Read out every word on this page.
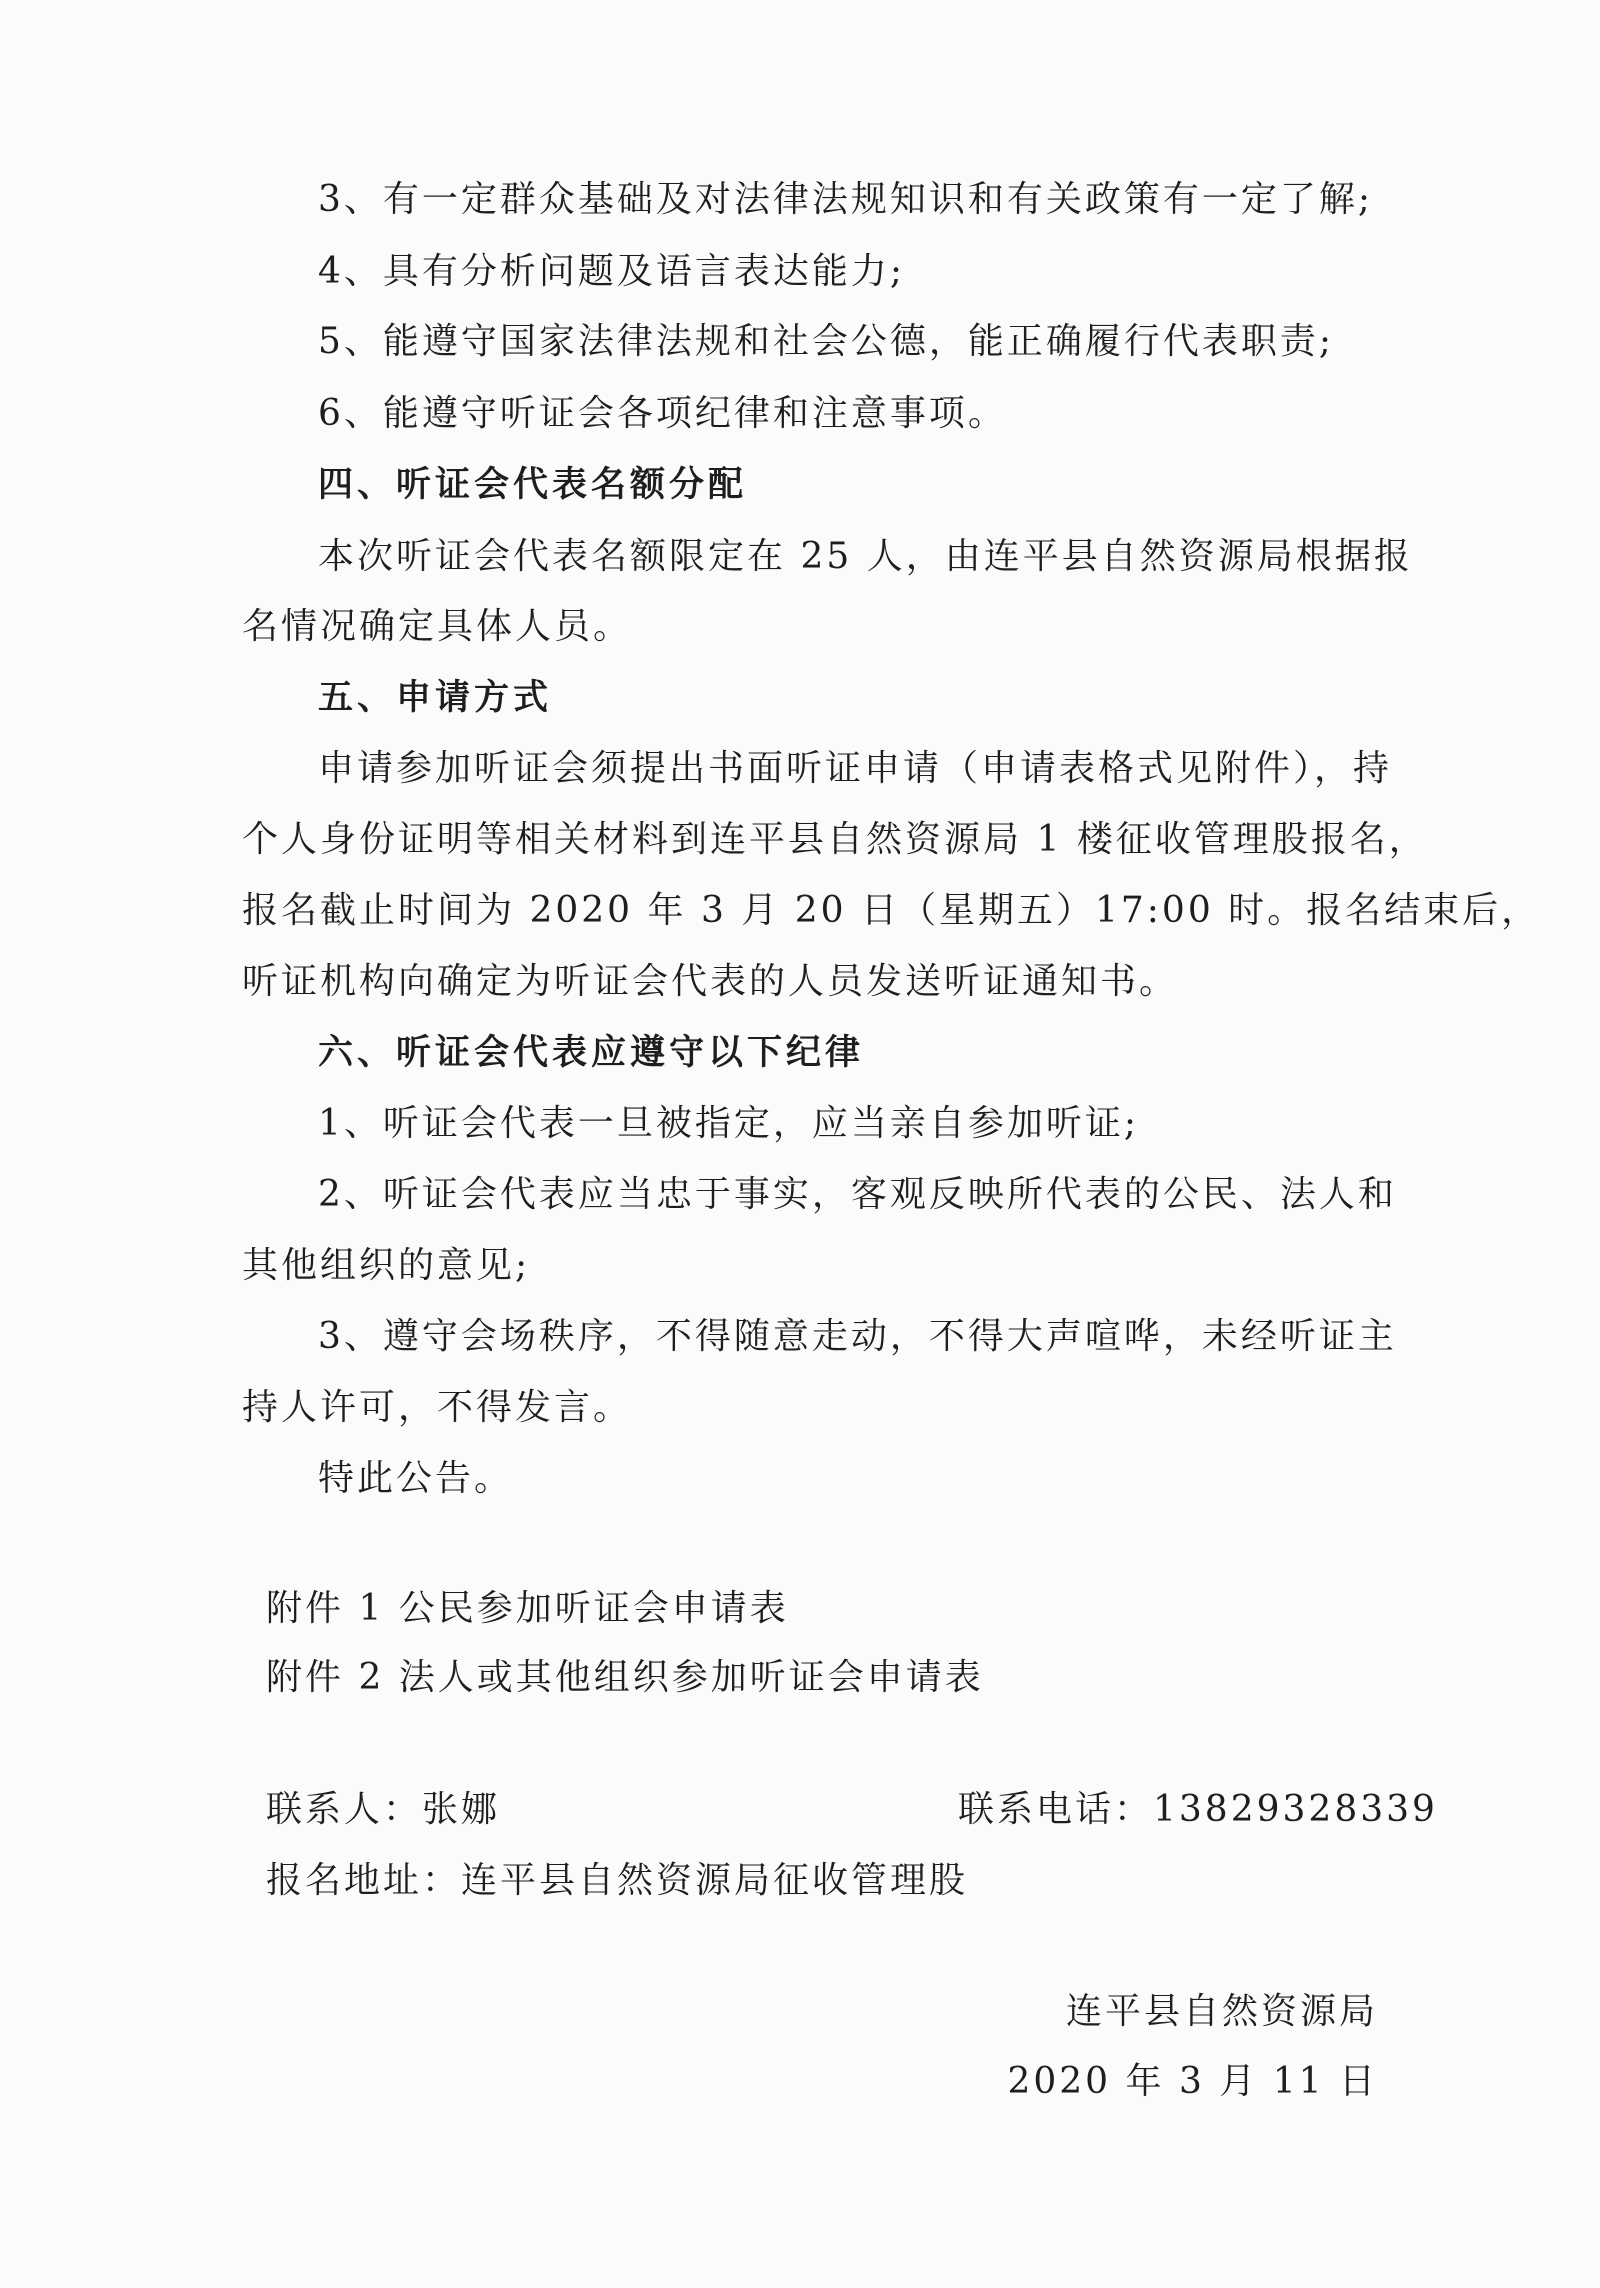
3、有一定群众基础及对法律法规知识和有关政策有一定了解;
4、具有分析问题及语言表达能力;
5、能遵守国家法律法规和社会公德，能正确履行代表职责;
6、能遵守听证会各项纪律和注意事项。
四、听证会代表名额分配
本次听证会代表名额限定在 25 人，由连平县自然资源局根据报
名情况确定具体人员。
五、申请方式
申请参加听证会须提出书面听证申请（申请表格式见附件），持
个人身份证明等相关材料到连平县自然资源局 1 楼征收管理股报名，
报名截止时间为 2020 年 3 月 20 日（星期五）17:00 时。报名结束后，
听证机构向确定为听证会代表的人员发送听证通知书。
六、听证会代表应遵守以下纪律
1、听证会代表一旦被指定，应当亲自参加听证;
2、听证会代表应当忠于事实，客观反映所代表的公民、法人和
其他组织的意见;
3、遵守会场秩序，不得随意走动，不得大声喧哗，未经听证主
持人许可，不得发言。
特此公告。
附件 1 公民参加听证会申请表
附件 2 法人或其他组织参加听证会申请表
联系人：张娜	联系电话：13829328339
报名地址：连平县自然资源局征收管理股
连平县自然资源局
2020 年 3 月 11 日
